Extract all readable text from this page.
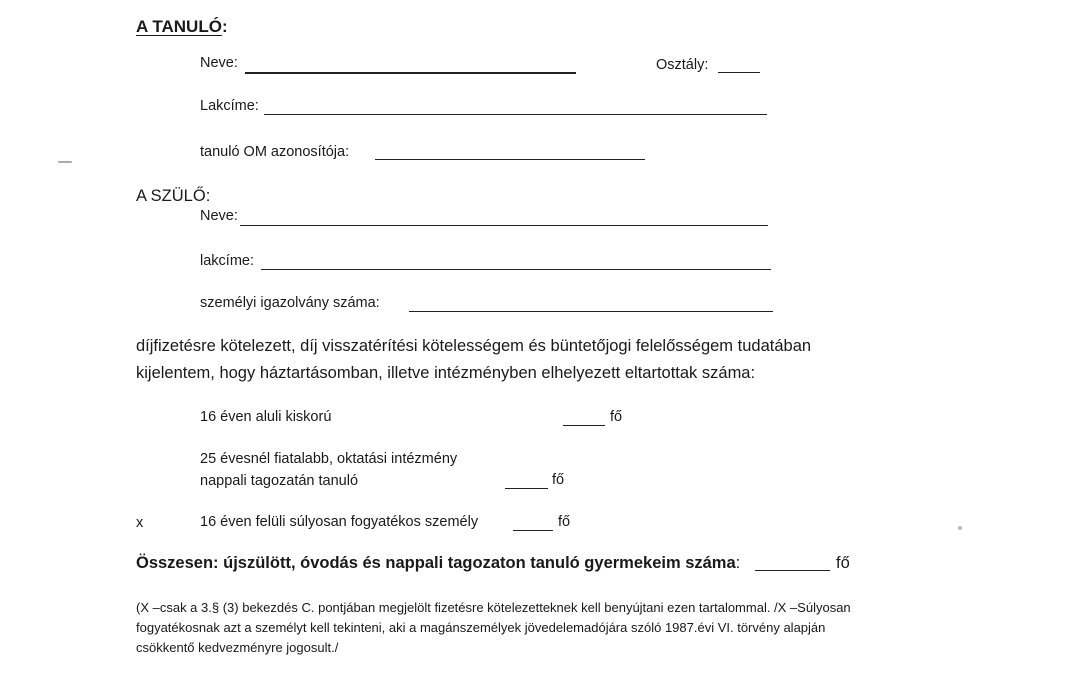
A TANULÓ:
Neve:	Osztály:
Lakcíme:
tanuló OM azonosítója:
A SZÜLŐ:
Neve:
lakcíme:
személyi igazolvány száma:
díjfizetésre kötelezett, díj visszatérítési kötelességem és büntetőjogi felelősségem tudatában
kijelentem, hogy háztartásomban, illetve intézményben elhelyezett eltartottak száma:
16 éven aluli kiskorú	fő
25 évesnél fiatalabb, oktatási intézmény
nappali tagozatán tanuló	fő
x	16 éven felüli súlyosan fogyatékos személy	fő
Összesen: újszülött, óvodás és nappali tagozaton tanuló gyermekeim száma:	fő
(X –csak a 3.§ (3) bekezdés C. pontjában megjelölt fizetésre kötelezetteknek kell benyújtani ezen tartalommal. /X –Súlyosan
fogyatékosnak azt a személyt kell tekinteni, aki a magánszemélyek jövedelemadójára szóló 1987.évi VI. törvény alapján
csökkentő kedvezményre jogosult./
